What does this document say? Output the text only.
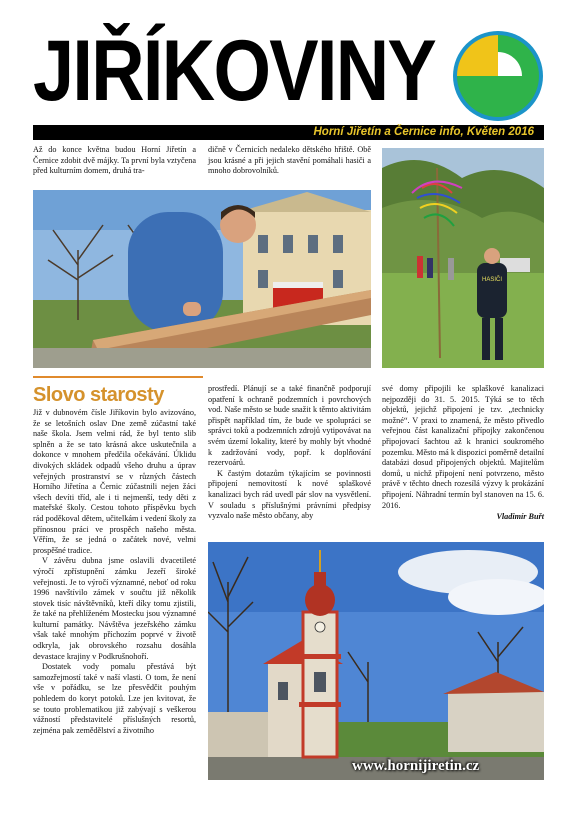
JIŘÍKOVINY
Horní Jiřetín a Černice info, Květen 2016
Až do konce května budou Horní Jiřetín a Černice zdobit dvě májky. Ta první byla vztyčena před kulturním domem, druhá tra-
dičně v Černicích nedaleko dětského hřiště. Obě jsou krásné a při jejich stavění pomáhali hasiči a mnoho dobrovolníků.
HASIČI
Slovo starosty

Již v dubnovém čísle Jiříkovin bylo avizováno, že se letošních oslav Dne země zúčastní také naše škola. Jsem velmi rád, že byl tento slib splněn a že se tato krásná akce uskutečnila a dokonce v mnohem předčila očekávání. Úklidu divokých skládek odpadů všeho druhu a úprav veřejných prostranství se v různých částech Horního Jiřetína a Černic zúčastnili nejen žáci všech devíti tříd, ale i ti nejmenší, tedy děti z mateřské školy. Cestou tohoto příspěvku bych rád poděkoval dětem, učitelkám i vedení školy za přínosnou práci ve prospěch našeho města. Věřím, že se jedná o začátek nové, velmi prospěšné tradice.

V závěru dubna jsme oslavili dvacetileté výročí zpřístupnění zámku Jezeří široké veřejnosti. Je to výročí významné, neboť od roku 1996 navštívilo zámek v součtu již několik stovek tisíc návštěvníků, kteří díky tomu zjistili, že také na přehlíženém Mostecku jsou významné kulturní památky. Návštěva jezeřského zámku však také mnohým příchozím poprvé v životě odkryla, jak obrovského rozsahu dosáhla devastace krajiny v Podkrušnohoří.

Dostatek vody pomalu přestává být samozřejmostí také v naší vlasti. O tom, že není vše v pořádku, se lze přesvědčit pouhým pohledem do koryt potoků. Lze jen kvitovat, že se touto problematikou již zabývají s veškerou vážností představitelé příslušných resortů, zejména pak zemědělství a životního

prostředí. Plánují se a také finančně podporují opatření k ochraně podzemních i povrchových vod. Naše město se bude snažit k těmto aktivitám přispět například tím, že bude ve spolupráci se správci toků a podzemních zdrojů vytipovávat na svém území lokality, které by mohly být vhodné k zadržování vody, popř. k doplňování rezervoárů.

K častým dotazům týkajícím se povinnosti připojení nemovitostí k nové splaškové kanalizaci bych rád uvedl pár slov na vysvětlení. V souladu s příslušnými právními předpisy vyzvalo naše město občany, aby

své domy připojili ke splaškové kanalizaci nejpozději do 31. 5. 2015. Týká se to těch objektů, jejichž připojení je tzv. „technicky možné“. V praxi to znamená, že město přivedlo veřejnou část kanalizační přípojky zakončenou připojovací šachtou až k hranici soukromého pozemku. Město má k dispozici poměrně detailní databázi dosud připojených objektů. Majitelům domů, u nichž připojení není potvrzeno, město právě v těchto dnech rozesílá výzvy k prokázání připojení. Náhradní termín byl stanoven na 15. 6. 2016.

Vladimír Buřt
www.hornijiretin.cz
